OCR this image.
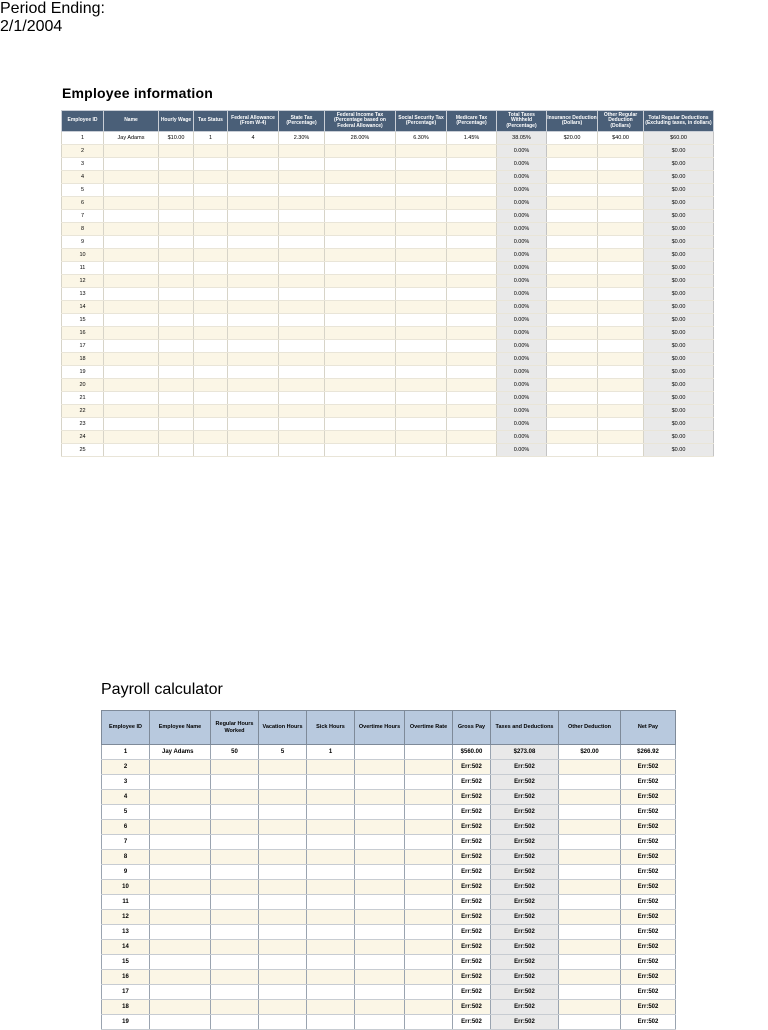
Employee information
Employee ID	Name	Hourly Wage	Tax Status	Federal Allowance (From W-4)	State Tax (Percentage)	Federal Income Tax (Percentage based on Federal Allowance)	Social Security Tax (Percentage)	Medicare Tax (Percentage)	Total Taxes Withheld (Percentage)	Insurance Deduction (Dollars)	Other Regular Deduction (Dollars)	Total Regular Deductions (Excluding taxes, in dollars)
1	Jay Adams	$10.00	1	4	2.30%	28.00%	6.30%	1.45%	38.05%	$20.00	$40.00	$60.00
2									0.00%			$0.00
3									0.00%			$0.00
4									0.00%			$0.00
5									0.00%			$0.00
6									0.00%			$0.00
7									0.00%			$0.00
8									0.00%			$0.00
9									0.00%			$0.00
10									0.00%			$0.00
11									0.00%			$0.00
12									0.00%			$0.00
13									0.00%			$0.00
14									0.00%			$0.00
15									0.00%			$0.00
16									0.00%			$0.00
17									0.00%			$0.00
18									0.00%			$0.00
19									0.00%			$0.00
20									0.00%			$0.00
21									0.00%			$0.00
22									0.00%			$0.00
23									0.00%			$0.00
24									0.00%			$0.00
25									0.00%			$0.00
Payroll calculator
Period Ending:
2/1/2004
Employee ID	Employee Name	Regular Hours Worked	Vacation Hours	Sick Hours	Overtime Hours	Overtime Rate	Gross Pay	Taxes and Deductions	Other Deduction	Net Pay
1	Jay Adams	50	5	1			$560.00	$273.08	$20.00	$266.92
2							Err:502	Err:502		Err:502
3							Err:502	Err:502		Err:502
4							Err:502	Err:502		Err:502
5							Err:502	Err:502		Err:502
6							Err:502	Err:502		Err:502
7							Err:502	Err:502		Err:502
8							Err:502	Err:502		Err:502
9							Err:502	Err:502		Err:502
10							Err:502	Err:502		Err:502
11							Err:502	Err:502		Err:502
12							Err:502	Err:502		Err:502
13							Err:502	Err:502		Err:502
14							Err:502	Err:502		Err:502
15							Err:502	Err:502		Err:502
16							Err:502	Err:502		Err:502
17							Err:502	Err:502		Err:502
18							Err:502	Err:502		Err:502
19							Err:502	Err:502		Err:502
